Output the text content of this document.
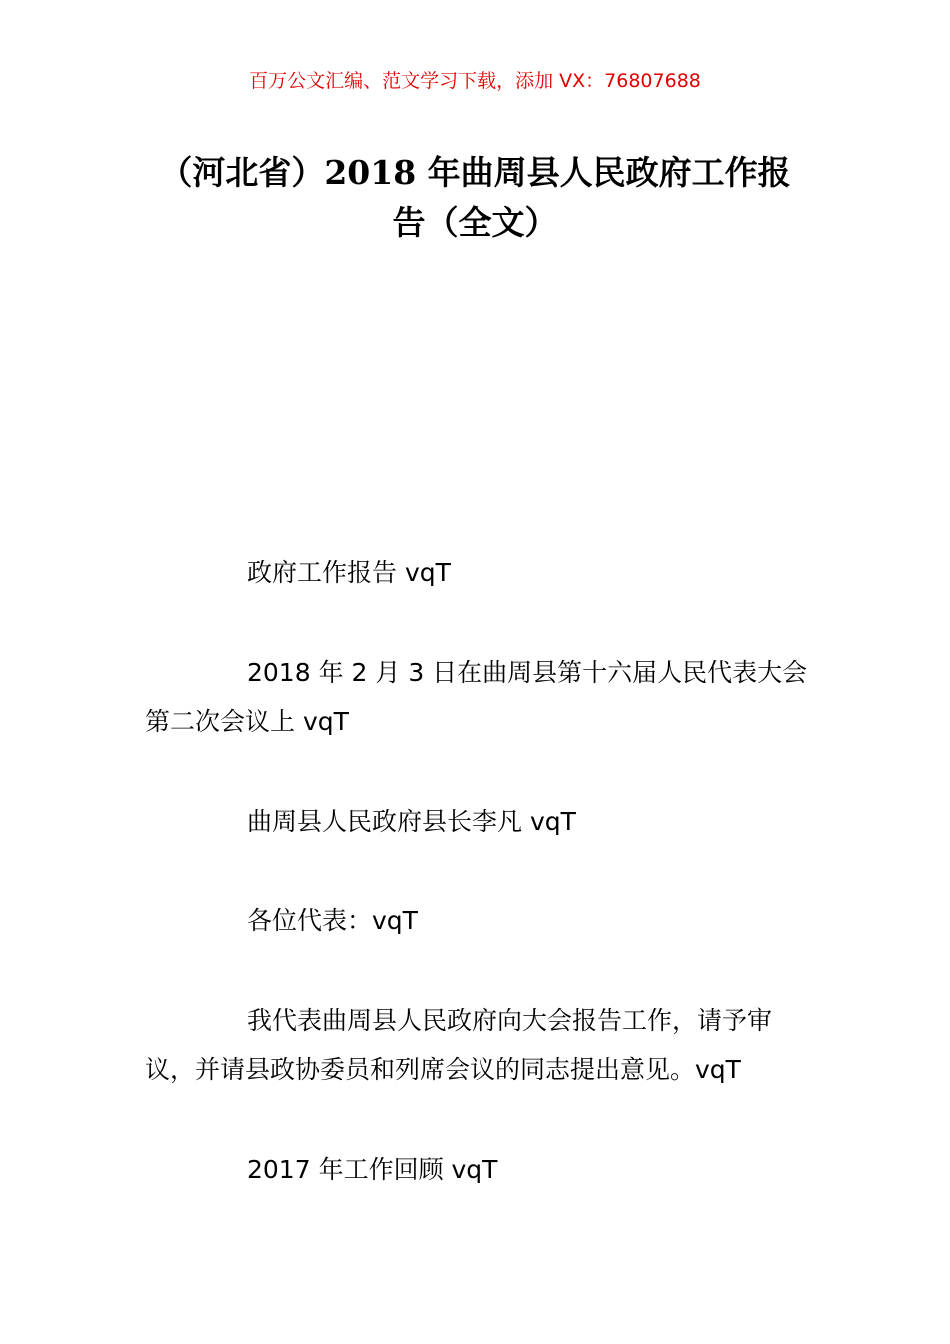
百万公文汇编、范文学习下载，添加 VX：76807688
（河北省）2018 年曲周县人民政府工作报
告（全文）
政府工作报告 vqT
2018 年 2 月 3 日在曲周县第十六届人民代表大会第二次会议上 vqT
曲周县人民政府县长李凡 vqT
各位代表：vqT
我代表曲周县人民政府向大会报告工作，请予审议，并请县政协委员和列席会议的同志提出意见。vqT
2017 年工作回顾 vqT
